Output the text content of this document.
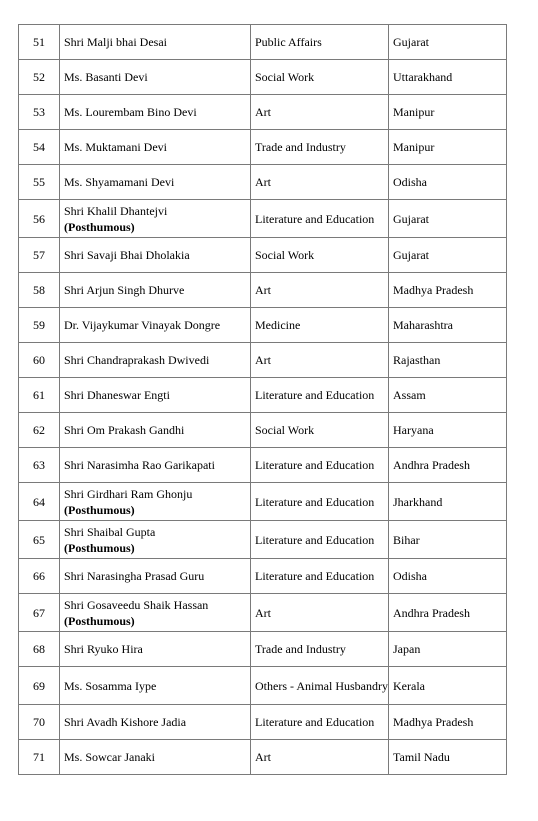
51	Shri Malji bhai Desai	Public Affairs	Gujarat
52	Ms. Basanti Devi	Social Work	Uttarakhand
53	Ms. Lourembam Bino Devi	Art	Manipur
54	Ms. Muktamani Devi	Trade and Industry	Manipur
55	Ms. Shyamamani Devi	Art	Odisha
56	Shri Khalil Dhantejvi
(Posthumous)	Literature and Education	Gujarat
57	Shri Savaji Bhai Dholakia	Social Work	Gujarat
58	Shri Arjun Singh Dhurve	Art	Madhya Pradesh
59	Dr. Vijaykumar Vinayak Dongre	Medicine	Maharashtra
60	Shri Chandraprakash Dwivedi	Art	Rajasthan
61	Shri Dhaneswar Engti	Literature and Education	Assam
62	Shri Om Prakash Gandhi	Social Work	Haryana
63	Shri Narasimha Rao Garikapati	Literature and Education	Andhra Pradesh
64	Shri Girdhari Ram Ghonju
(Posthumous)	Literature and Education	Jharkhand
65	Shri Shaibal Gupta
(Posthumous)	Literature and Education	Bihar
66	Shri Narasingha Prasad Guru	Literature and Education	Odisha
67	Shri Gosaveedu Shaik Hassan
(Posthumous)	Art	Andhra Pradesh
68	Shri Ryuko Hira	Trade and Industry	Japan
69	Ms. Sosamma Iype	Others - Animal Husbandry	Kerala
70	Shri Avadh Kishore Jadia	Literature and Education	Madhya Pradesh
71	Ms. Sowcar Janaki	Art	Tamil Nadu
